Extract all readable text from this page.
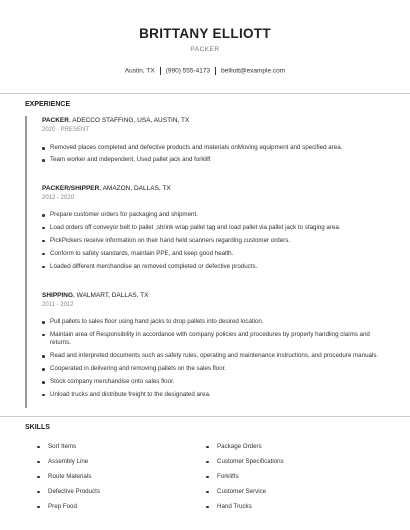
BRITTANY ELLIOTT
PACKER
Austin, TX (990) 555-4173 belliott@example.com
EXPERIENCE
PACKER, ADECCO STAFFING, USA, AUSTIN, TX
2020 - PRESENT
Removed places completed and defective products and materials onMoving equipment and specified area.
Team worker and independent, Used pallet jack and forklift
PACKER/SHIPPER, AMAZON, DALLAS, TX
2012 - 2020
Prepare customer orders for packaging and shipment.
Load orders off conveyor belt to pallet ,shrink wrap pallet tag and load pallet via pallet jack to staging area.
PickPickers receive information on their hand held scanners regarding customer orders.
Conform to safety standards, maintain PPE, and keep good health.
Loaded different merchandise an removed completed or defective products.
SHIPPING, WALMART, DALLAS, TX
2011 - 2012
Pull pallets to sales floor using hand jacks to drop pallets into desired location.
Maintain area of Responsibility in accordance with company policies and procedures by properly handling claims and returns.
Read and interpreted documents such as safety rules, operating and maintenance instructions, and procedure manuals.
Cooperated in delivering and removing pallets on the sales floor.
Stock company merchandise onto sales floor.
Unload trucks and distribute freight to the designated area.
SKILLS
Sort Items
Assembly Line
Route Materials
Defective Products
Prep Food
Package Orders
Customer Specifications
Forklifts
Customer Service
Hand Trucks
